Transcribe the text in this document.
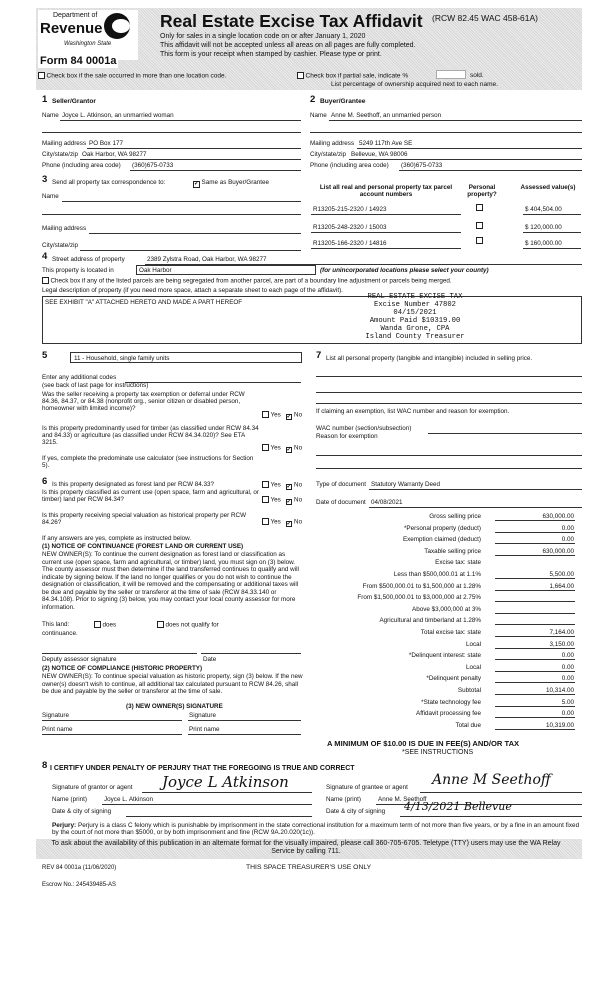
Department of
Revenue
Washington State
Form 84 0001a
Real Estate Excise Tax Affidavit (RCW 82.45 WAC 458-61A)
Only for sales in a single location code on or after January 1, 2020
This affidavit will not be accepted unless all areas on all pages are fully completed.
This form is your receipt when stamped by cashier. Please type or print.
Check box if the sale occurred in more than one location code.	Check box if partial sale, indicate %	sold.
List percentage of ownership acquired next to each name.
1 Seller/Grantor
Name Joyce L. Atkinson, an unmarried woman
Mailing address PO Box 177
City/state/zip Oak Harbor, WA 98277
Phone (including area code) (360)675-0733
2 Buyer/Grantee
Name Anne M. Seethoff, an unmarried person
Mailing address 5249 117th Ave SE
City/state/zip Bellevue, WA 98006
Phone (including area code) (360)675-0733
3 Send all property tax correspondence to:	✓ Same as Buyer/Grantee
Name
Mailing address
City/state/zip
List all real and personal property tax parcel account numbers
Personal property?
Assessed value(s)
R13205-215-2320 / 14923	$ 404,504.00
R13205-248-2320 / 15003	$ 120,000.00
R13205-166-2320 / 14816	$ 160,000.00
4 Street address of property	2389 Zylstra Road, Oak Harbor, WA 98277
This property is located in	Oak Harbor	(for unincorporated locations please select your county)
Check box if any of the listed parcels are being segregated from another parcel, are part of a boundary line adjustment or parcels being merged.
Legal description of property (if you need more space, attach a separate sheet to each page of the affidavit).
SEE EXHIBIT "A" ATTACHED HERETO AND MADE A PART HEREOF
REAL ESTATE EXCISE TAX
Excise Number 47802
04/15/2021
Amount Paid $10319.00
Wanda Grone, CPA
Island County Treasurer
5	11 - Household, single family units
Enter any additional codes
(see back of last page for instructions)
Was the seller receiving a property tax exemption or deferral under RCW 84.36, 84.37, or 84.38 (nonprofit org., senior citizen or disabled person, homeowner with limited income)?
Yes ✓ No
Is this property predominantly used for timber (as classified under RCW 84.34 and 84.33) or agriculture (as classified under RCW 84.34.020)? See ETA 3215.
Yes ✓ No
If yes, complete the predominate use calculator (see instructions for Section 5).
6 Is this property designated as forest land per RCW 84.33?	Yes ✓ No
Is this property classified as current use (open space, farm and agricultural, or timber) land per RCW 84.34?	Yes ✓ No
Is this property receiving special valuation as historical property per RCW 84.26?	Yes ✓ No
If any answers are yes, complete as instructed below.
(1) NOTICE OF CONTINUANCE (FOREST LAND OR CURRENT USE)
NEW OWNER(S): To continue the current designation as forest land or classification as current use (open space, farm and agricultural, or timber) land, you must sign on (3) below. The county assessor must then determine if the land transferred continues to qualify and will indicate by signing below. If the land no longer qualifies or you do not wish to continue the designation or classification, it will be removed and the compensating or additional taxes will be due and payable by the seller or transferor at the time of sale (RCW 84.33.140 or 84.34.108). Prior to signing (3) below, you may contact your local county assessor for more information.
This land:	does	does not qualify for
continuance.
Deputy assessor signature	Date
(2) NOTICE OF COMPLIANCE (HISTORIC PROPERTY)
NEW OWNER(S): To continue special valuation as historic property, sign (3) below. If the new owner(s) doesn't wish to continue, all additional tax calculated pursuant to RCW 84.26, shall be due and payable by the seller or transferor at the time of sale.
(3) NEW OWNER(S) SIGNATURE
Signature	Signature
Print name	Print name
7 List all personal property (tangible and intangible) included in selling price.
If claiming an exemption, list WAC number and reason for exemption.
WAC number (section/subsection)
Reason for exemption
Type of document Statutory Warranty Deed
Date of document 04/08/2021
Gross selling price	630,000.00
*Personal property (deduct)	0.00
Exemption claimed (deduct)	0.00
Taxable selling price	630,000.00
Excise tax: state
Less than $500,000.01 at 1.1%	5,500.00
From $500,000.01 to $1,500,000 at 1.28%	1,664.00
From $1,500,000.01 to $3,000,000 at 2.75%
Above $3,000,000 at 3%
Agricultural and timberland at 1.28%
Total excise tax: state	7,164.00
Local	3,150.00
*Delinquent interest: state	0.00
Local	0.00
*Delinquent penalty	0.00
Subtotal	10,314.00
*State technology fee	5.00
Affidavit processing fee	0.00
Total due	10,319.00
A MINIMUM OF $10.00 IS DUE IN FEE(S) AND/OR TAX
*SEE INSTRUCTIONS
8 I CERTIFY UNDER PENALTY OF PERJURY THAT THE FOREGOING IS TRUE AND CORRECT
Signature of grantor or agent Joyce L Atkinson
Name (print)	Joyce L. Atkinson
Date & city of signing
Signature of grantee or agent Anne M Seethoff
Name (print)	Anne M. Seethoff
Date & city of signing 4/13/2021 Bellevue
Perjury: Perjury is a class C felony which is punishable by imprisonment in the state correctional institution for a maximum term of not more than five years, or by a fine in an amount fixed by the court of not more than $5000, or by both imprisonment and fine (RCW 9A.20.020(1c)).
To ask about the availability of this publication in an alternate format for the visually impaired, please call 360-705-6705. Teletype (TTY) users may use the WA Relay Service by calling 711.
REV 84 0001a (11/06/2020)	THIS SPACE TREASURER'S USE ONLY
Escrow No.: 245439485-AS
